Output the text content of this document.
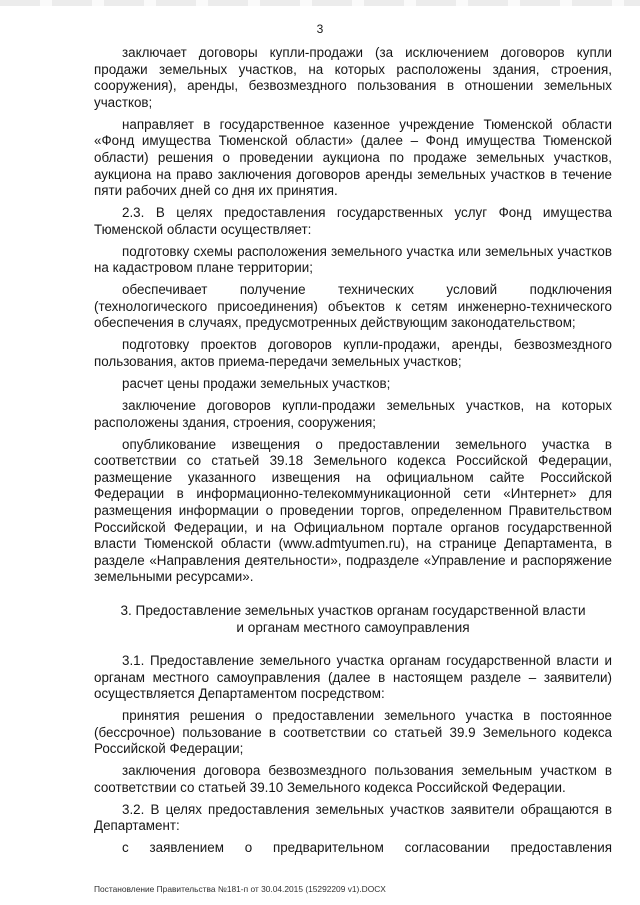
3

заключает договоры купли-продажи (за исключением договоров купли продажи земельных участков, на которых расположены здания, строения, сооружения), аренды, безвозмездного пользования в отношении земельных участков;

направляет в государственное казенное учреждение Тюменской области «Фонд имущества Тюменской области» (далее – Фонд имущества Тюменской области) решения о проведении аукциона по продаже земельных участков, аукциона на право заключения договоров аренды земельных участков в течение пяти рабочих дней со дня их принятия.

2.3. В целях предоставления государственных услуг Фонд имущества Тюменской области осуществляет:

подготовку схемы расположения земельного участка или земельных участков на кадастровом плане территории;

обеспечивает получение технических условий подключения (технологического присоединения) объектов к сетям инженерно-технического обеспечения в случаях, предусмотренных действующим законодательством;

подготовку проектов договоров купли-продажи, аренды, безвозмездного пользования, актов приема-передачи земельных участков;

расчет цены продажи земельных участков;

заключение договоров купли-продажи земельных участков, на которых расположены здания, строения, сооружения;

опубликование извещения о предоставлении земельного участка в соответствии со статьей 39.18 Земельного кодекса Российской Федерации, размещение указанного извещения на официальном сайте Российской Федерации в информационно-телекоммуникационной сети «Интернет» для размещения информации о проведении торгов, определенном Правительством Российской Федерации, и на Официальном портале органов государственной власти Тюменской области (www.admtyumen.ru), на странице Департамента, в разделе «Направления деятельности», подразделе «Управление и распоряжение земельными ресурсами».

3. Предоставление земельных участков органам государственной власти
и органам местного самоуправления

3.1. Предоставление земельного участка органам государственной власти и органам местного самоуправления (далее в настоящем разделе – заявители) осуществляется Департаментом посредством:

принятия решения о предоставлении земельного участка в постоянное (бессрочное) пользование в соответствии со статьей 39.9 Земельного кодекса Российской Федерации;

заключения договора безвозмездного пользования земельным участком в соответствии со статьей 39.10 Земельного кодекса Российской Федерации.

3.2. В целях предоставления земельных участков заявители обращаются в Департамент:

с заявлением о предварительном согласовании предоставления

Постановление Правительства №181-п от 30.04.2015 (15292209 v1).DOCX
